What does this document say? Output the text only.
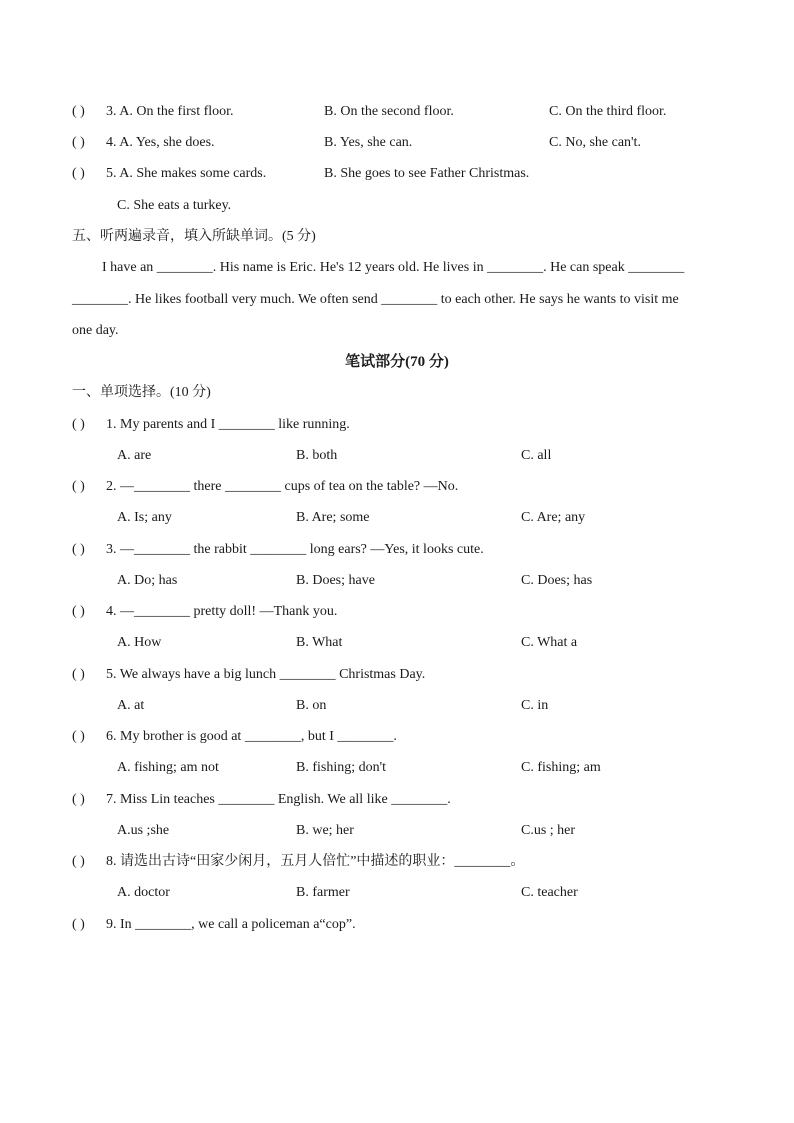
( ) 3. A. On the first floor.	B. On the second floor.	C. On the third floor.
( ) 4. A. Yes, she does.	B. Yes, she can.	C. No, she can't.
( ) 5. A. She makes some cards.	B. She goes to see Father Christmas.
C. She eats a turkey.
五、听两遍录音，填入所缺单词。(5 分)
I have an ________. His name is Eric. He's 12 years old. He lives in ________. He can speak ________
________. He likes football very much. We often send ________ to each other. He says he wants to visit me
one day.
笔试部分(70 分)
一、单项选择。(10 分)
( ) 1. My parents and I ________ like running.
A. are	B. both	C. all
( ) 2. —________ there ________ cups of tea on the table? —No.
A. Is; any	B. Are; some	C. Are; any
( ) 3. —________ the rabbit ________ long ears? —Yes, it looks cute.
A. Do; has	B. Does; have	C. Does; has
( ) 4. —________ pretty doll! —Thank you.
A. How	B. What	C. What a
( ) 5. We always have a big lunch ________ Christmas Day.
A. at	B. on	C. in
( ) 6. My brother is good at ________, but I ________.
A. fishing; am not	B. fishing; don't	C. fishing; am
( ) 7. Miss Lin teaches ________ English. We all like ________.
A.us ;she	B. we; her	C.us ; her
( ) 8. 请选出古诗“田家少闲月，五月人倍忙”中描述的职业：________。
A. doctor	B. farmer	C. teacher
( ) 9. In ________, we call a policeman a“cop”.
